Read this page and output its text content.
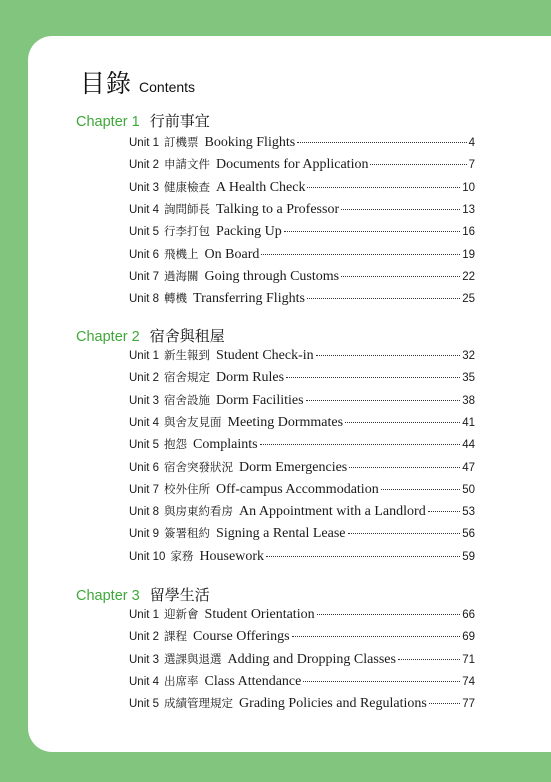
目錄 Contents
Chapter 1 行前事宜
Unit 1 訂機票 Booking Flights	4
Unit 2 申請文件 Documents for Application	7
Unit 3 健康檢查 A Health Check	10
Unit 4 詢問師長 Talking to a Professor	13
Unit 5 行李打包 Packing Up	16
Unit 6 飛機上 On Board	19
Unit 7 過海關 Going through Customs	22
Unit 8 轉機 Transferring Flights	25
Chapter 2 宿舍與租屋
Unit 1 新生報到 Student Check-in	32
Unit 2 宿舍規定 Dorm Rules	35
Unit 3 宿舍設施 Dorm Facilities	38
Unit 4 與舍友見面 Meeting Dormmates	41
Unit 5 抱怨 Complaints	44
Unit 6 宿舍突發狀況 Dorm Emergencies	47
Unit 7 校外住所 Off-campus Accommodation	50
Unit 8 與房東約看房 An Appointment with a Landlord	53
Unit 9 簽署租約 Signing a Rental Lease	56
Unit 10 家務 Housework	59
Chapter 3 留學生活
Unit 1 迎新會 Student Orientation	66
Unit 2 課程 Course Offerings	69
Unit 3 選課與退選 Adding and Dropping Classes	71
Unit 4 出席率 Class Attendance	74
Unit 5 成績管理規定 Grading Policies and Regulations	77
